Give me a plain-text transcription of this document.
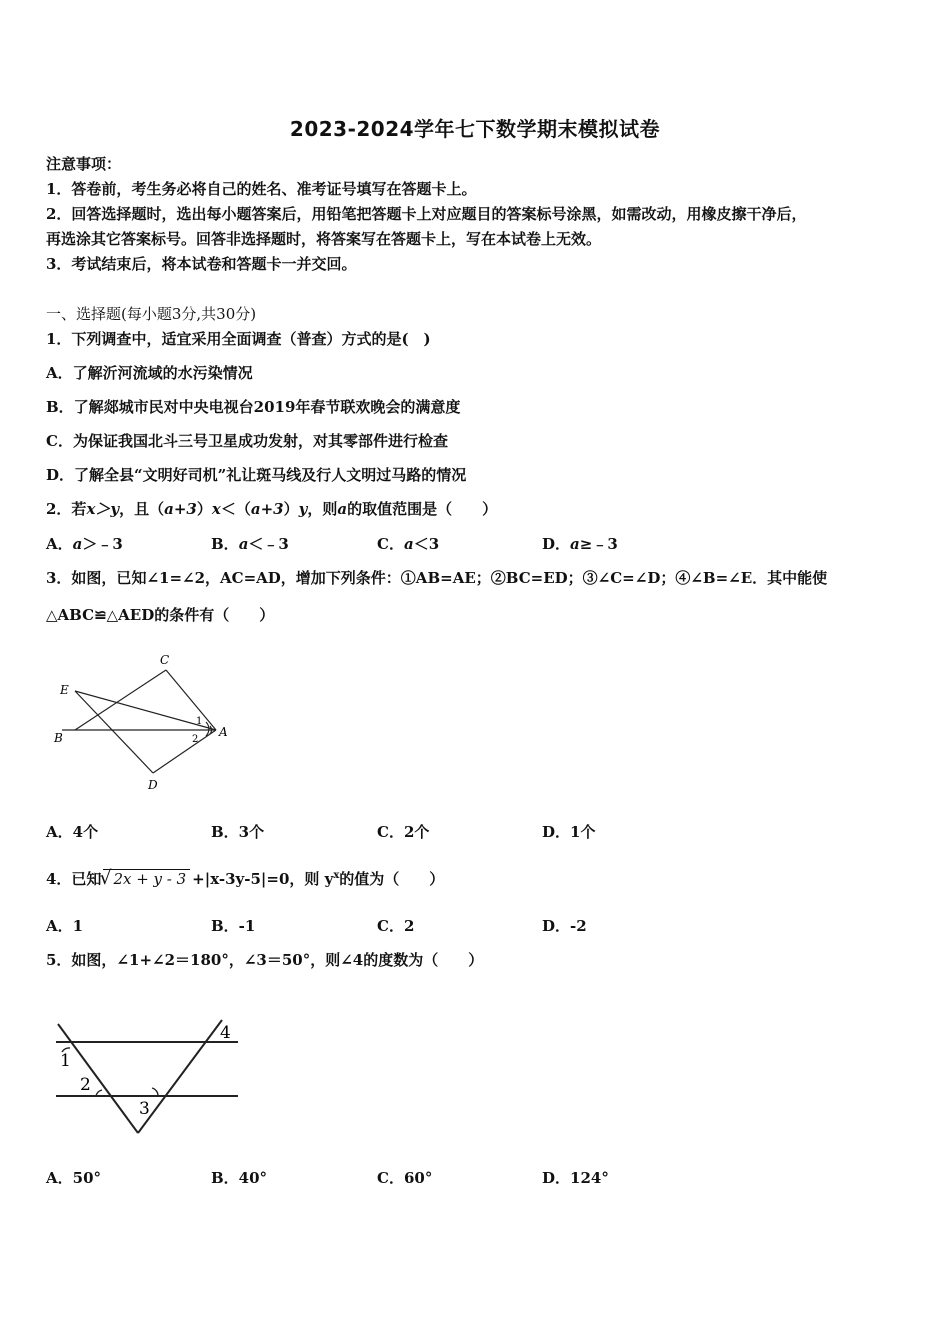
2023-2024学年七下数学期末模拟试卷
注意事项：
1．答卷前，考生务必将自己的姓名、准考证号填写在答题卡上。
2．回答选择题时，选出每小题答案后，用铅笔把答题卡上对应题目的答案标号涂黑，如需改动，用橡皮擦干净后，
再选涂其它答案标号。回答非选择题时，将答案写在答题卡上，写在本试卷上无效。
3．考试结束后，将本试卷和答题卡一并交回。
一、选择题(每小题3分,共30分)
1．下列调查中，适宜采用全面调查（普查）方式的是(　)
A．了解沂河流域的水污染情况
B．了解郯城市民对中央电视台2019年春节联欢晚会的满意度
C．为保证我国北斗三号卫星成功发射，对其零部件进行检查
D．了解全县“文明好司机”礼让斑马线及行人文明过马路的情况
2．若x＞y，且（a+3）x＜（a+3）y，则a的取值范围是（　　）
A．a＞﹣3	B．a＜﹣3	C．a＜3	D．a≥﹣3
3．如图，已知∠1=∠2，AC=AD，增加下列条件：①AB=AE；②BC=ED；③∠C=∠D；④∠B=∠E．其中能使
△ABC≌△AED的条件有（　　）
C
E
B	A
D
1
2
A．4个	B．3个	C．2个	D．1个
4．已知√ 2x + y - 3 +|x-3y-5|=0，则 $y^x$的值为（　　）
A．1	B．-1	C．2	D．-2
5．如图，∠1+∠2＝180°，∠3＝50°，则∠4的度数为（　　）
1
2
3
4
A．50°	B．40°	C．60°	D．124°
